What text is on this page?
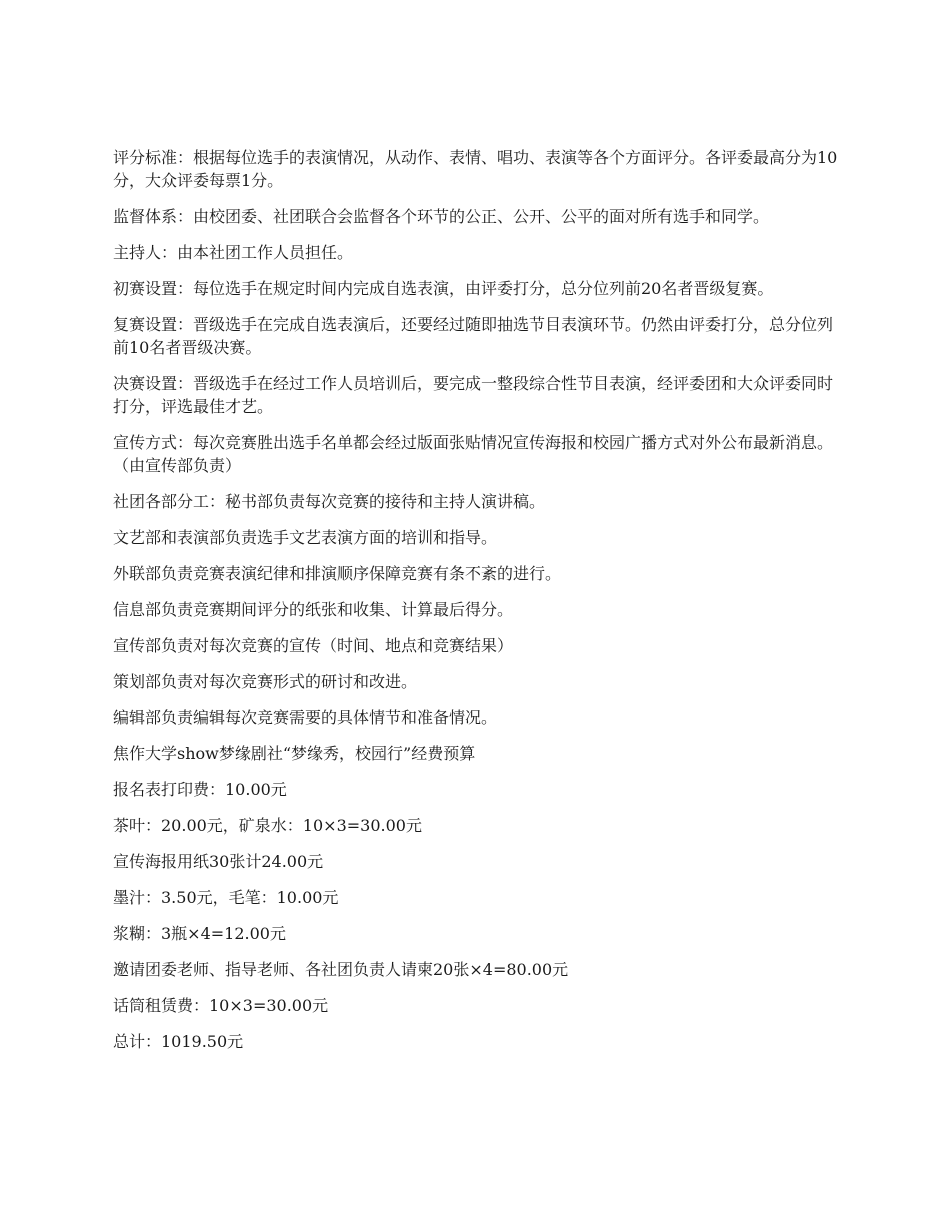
评分标准：根据每位选手的表演情况，从动作、表情、唱功、表演等各个方面评分。各评委最高分为10分，大众评委每票1分。

监督体系：由校团委、社团联合会监督各个环节的公正、公开、公平的面对所有选手和同学。

主持人：由本社团工作人员担任。

初赛设置：每位选手在规定时间内完成自选表演，由评委打分，总分位列前20名者晋级复赛。

复赛设置：晋级选手在完成自选表演后，还要经过随即抽选节目表演环节。仍然由评委打分，总分位列前10名者晋级决赛。

决赛设置：晋级选手在经过工作人员培训后，要完成一整段综合性节目表演，经评委团和大众评委同时打分，评选最佳才艺。

宣传方式：每次竞赛胜出选手名单都会经过版面张贴情况宣传海报和校园广播方式对外公布最新消息。（由宣传部负责）

社团各部分工：秘书部负责每次竞赛的接待和主持人演讲稿。

文艺部和表演部负责选手文艺表演方面的培训和指导。

外联部负责竞赛表演纪律和排演顺序保障竞赛有条不紊的进行。

信息部负责竞赛期间评分的纸张和收集、计算最后得分。

宣传部负责对每次竞赛的宣传（时间、地点和竞赛结果）

策划部负责对每次竞赛形式的研讨和改进。

编辑部负责编辑每次竞赛需要的具体情节和准备情况。

焦作大学show梦缘剧社“梦缘秀，校园行”经费预算

报名表打印费：10.00元

茶叶：20.00元，矿泉水：10×3=30.00元

宣传海报用纸30张计24.00元

墨汁：3.50元，毛笔：10.00元

浆糊：3瓶×4=12.00元

邀请团委老师、指导老师、各社团负责人请柬20张×4=80.00元

话筒租赁费：10×3=30.00元

总计：1019.50元
